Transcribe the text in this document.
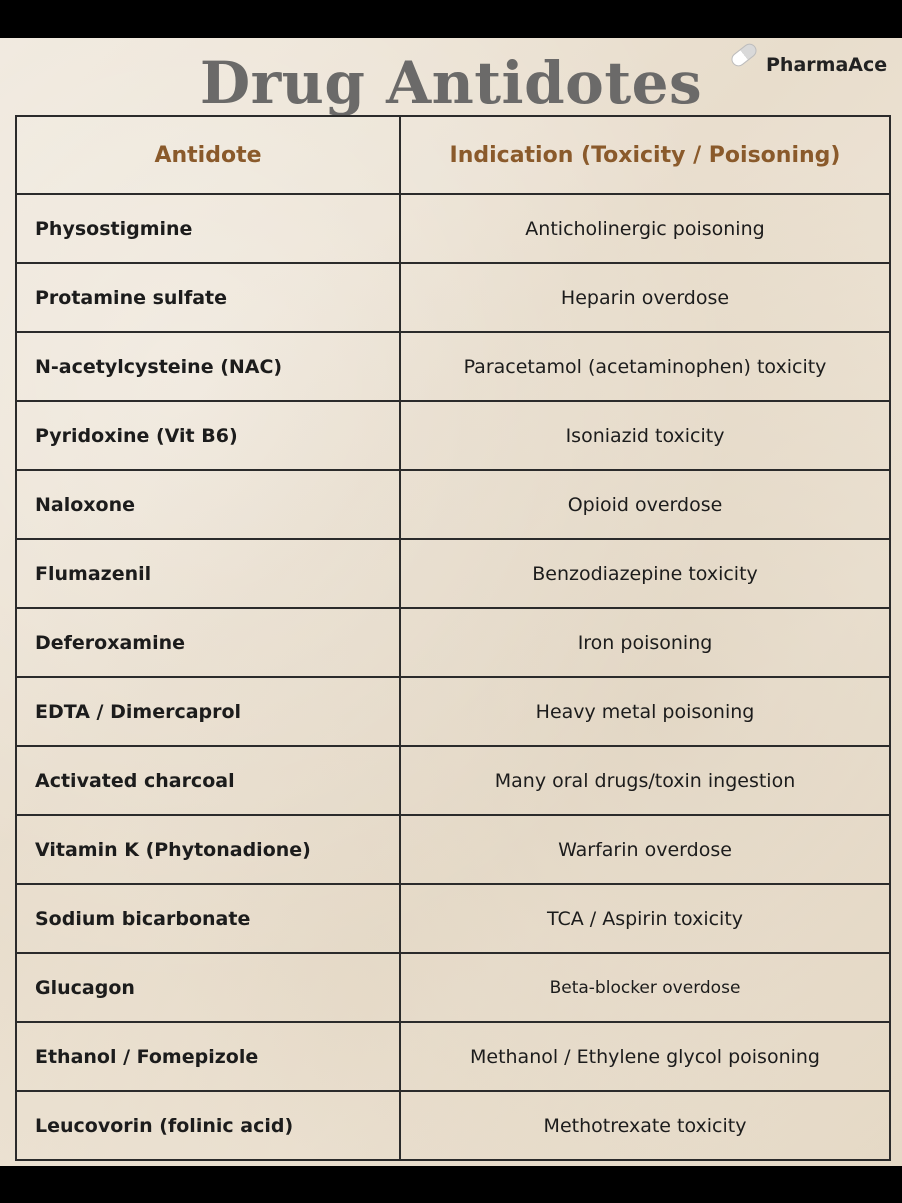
Drug Antidotes	PharmaAce
Antidote	Indication (Toxicity / Poisoning)
Physostigmine	Anticholinergic poisoning
Protamine sulfate	Heparin overdose
N-acetylcysteine (NAC)	Paracetamol (acetaminophen) toxicity
Pyridoxine (Vit B6)	Isoniazid toxicity
Naloxone	Opioid overdose
Flumazenil	Benzodiazepine toxicity
Deferoxamine	Iron poisoning
EDTA / Dimercaprol	Heavy metal poisoning
Activated charcoal	Many oral drugs/toxin ingestion
Vitamin K (Phytonadione)	Warfarin overdose
Sodium bicarbonate	TCA / Aspirin toxicity
Glucagon	Beta-blocker overdose
Ethanol / Fomepizole	Methanol / Ethylene glycol poisoning
Leucovorin (folinic acid)	Methotrexate toxicity
